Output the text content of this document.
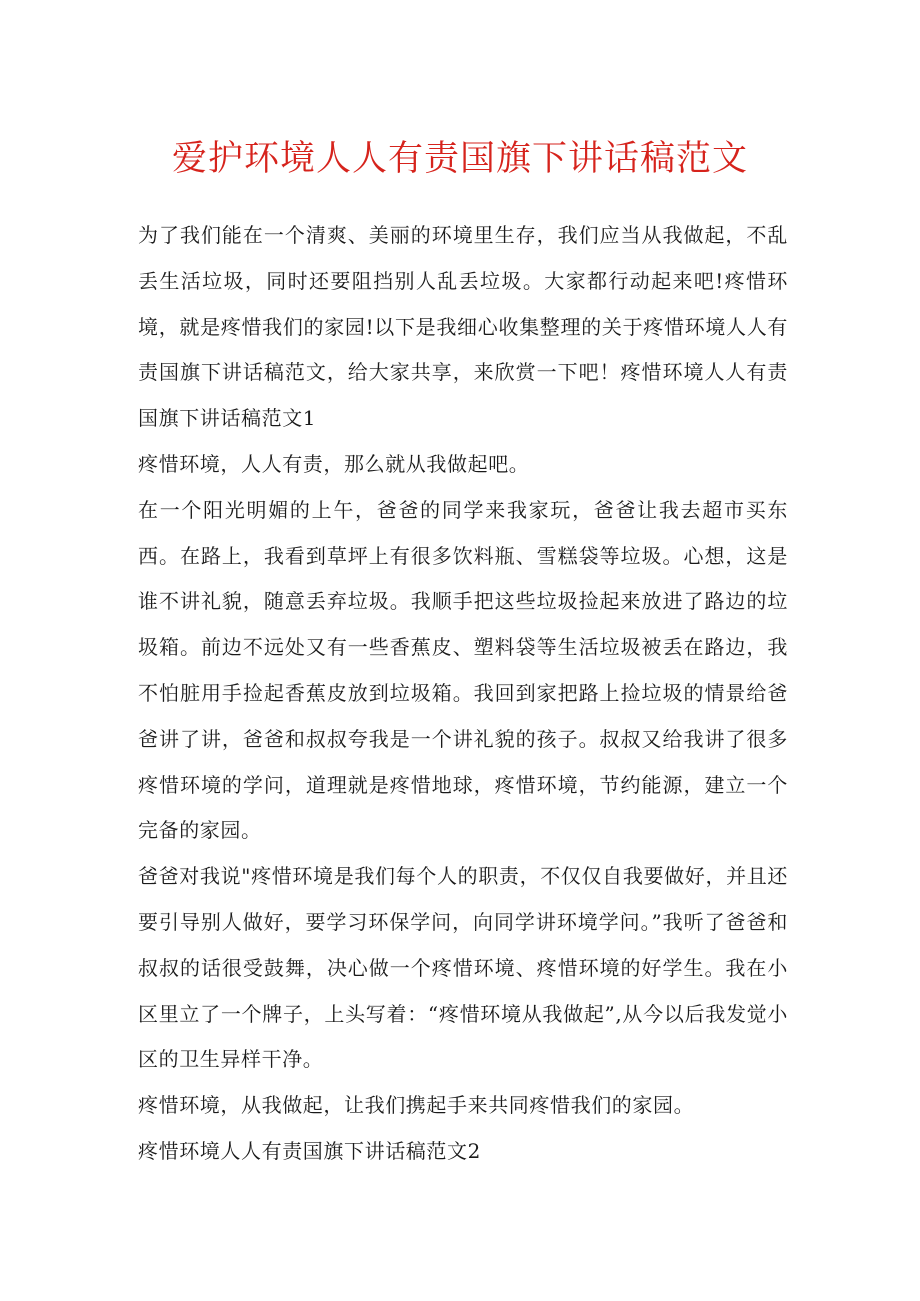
爱护环境人人有责国旗下讲话稿范文

为了我们能在一个清爽、美丽的环境里生存，我们应当从我做起，不乱丢生活垃圾，同时还要阻挡别人乱丢垃圾。大家都行动起来吧!疼惜环境，就是疼惜我们的家园!以下是我细心收集整理的关于疼惜环境人人有责国旗下讲话稿范文，给大家共享，来欣赏一下吧！疼惜环境人人有责国旗下讲话稿范文1

疼惜环境，人人有责，那么就从我做起吧。

在一个阳光明媚的上午，爸爸的同学来我家玩，爸爸让我去超市买东西。在路上，我看到草坪上有很多饮料瓶、雪糕袋等垃圾。心想，这是谁不讲礼貌，随意丢弃垃圾。我顺手把这些垃圾捡起来放进了路边的垃圾箱。前边不远处又有一些香蕉皮、塑料袋等生活垃圾被丢在路边，我不怕脏用手捡起香蕉皮放到垃圾箱。我回到家把路上捡垃圾的情景给爸爸讲了讲，爸爸和叔叔夸我是一个讲礼貌的孩子。叔叔又给我讲了很多疼惜环境的学问，道理就是疼惜地球，疼惜环境，节约能源，建立一个完备的家园。

爸爸对我说"疼惜环境是我们每个人的职责，不仅仅自我要做好，并且还要引导别人做好，要学习环保学问，向同学讲环境学问。”我听了爸爸和叔叔的话很受鼓舞，决心做一个疼惜环境、疼惜环境的好学生。我在小区里立了一个牌子，上头写着：“疼惜环境从我做起”,从今以后我发觉小区的卫生异样干净。

疼惜环境，从我做起，让我们携起手来共同疼惜我们的家园。

疼惜环境人人有责国旗下讲话稿范文2
